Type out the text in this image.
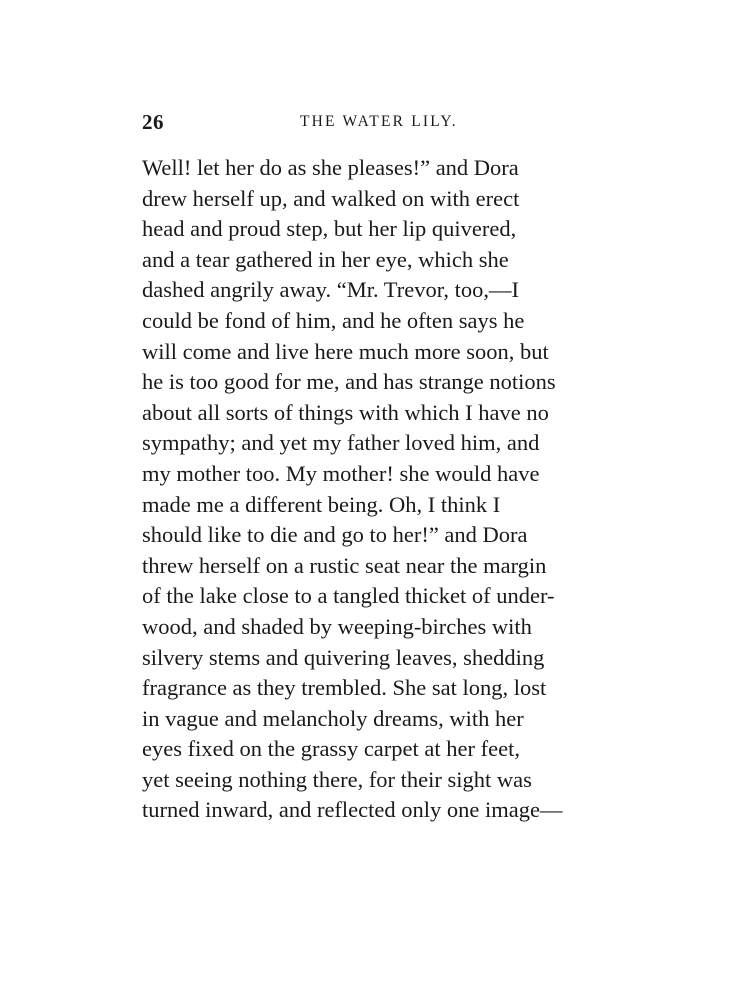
26	THE WATER LILY.
Well! let her do as she pleases!” and Dora
drew herself up, and walked on with erect
head and proud step, but her lip quivered,
and a tear gathered in her eye, which she
dashed angrily away. “Mr. Trevor, too,—I
could be fond of him, and he often says he
will come and live here much more soon, but
he is too good for me, and has strange notions
about all sorts of things with which I have no
sympathy; and yet my father loved him, and
my mother too. My mother! she would have
made me a different being. Oh, I think I
should like to die and go to her!” and Dora
threw herself on a rustic seat near the margin
of the lake close to a tangled thicket of under-
wood, and shaded by weeping-birches with
silvery stems and quivering leaves, shedding
fragrance as they trembled. She sat long, lost
in vague and melancholy dreams, with her
eyes fixed on the grassy carpet at her feet,
yet seeing nothing there, for their sight was
turned inward, and reflected only one image—
